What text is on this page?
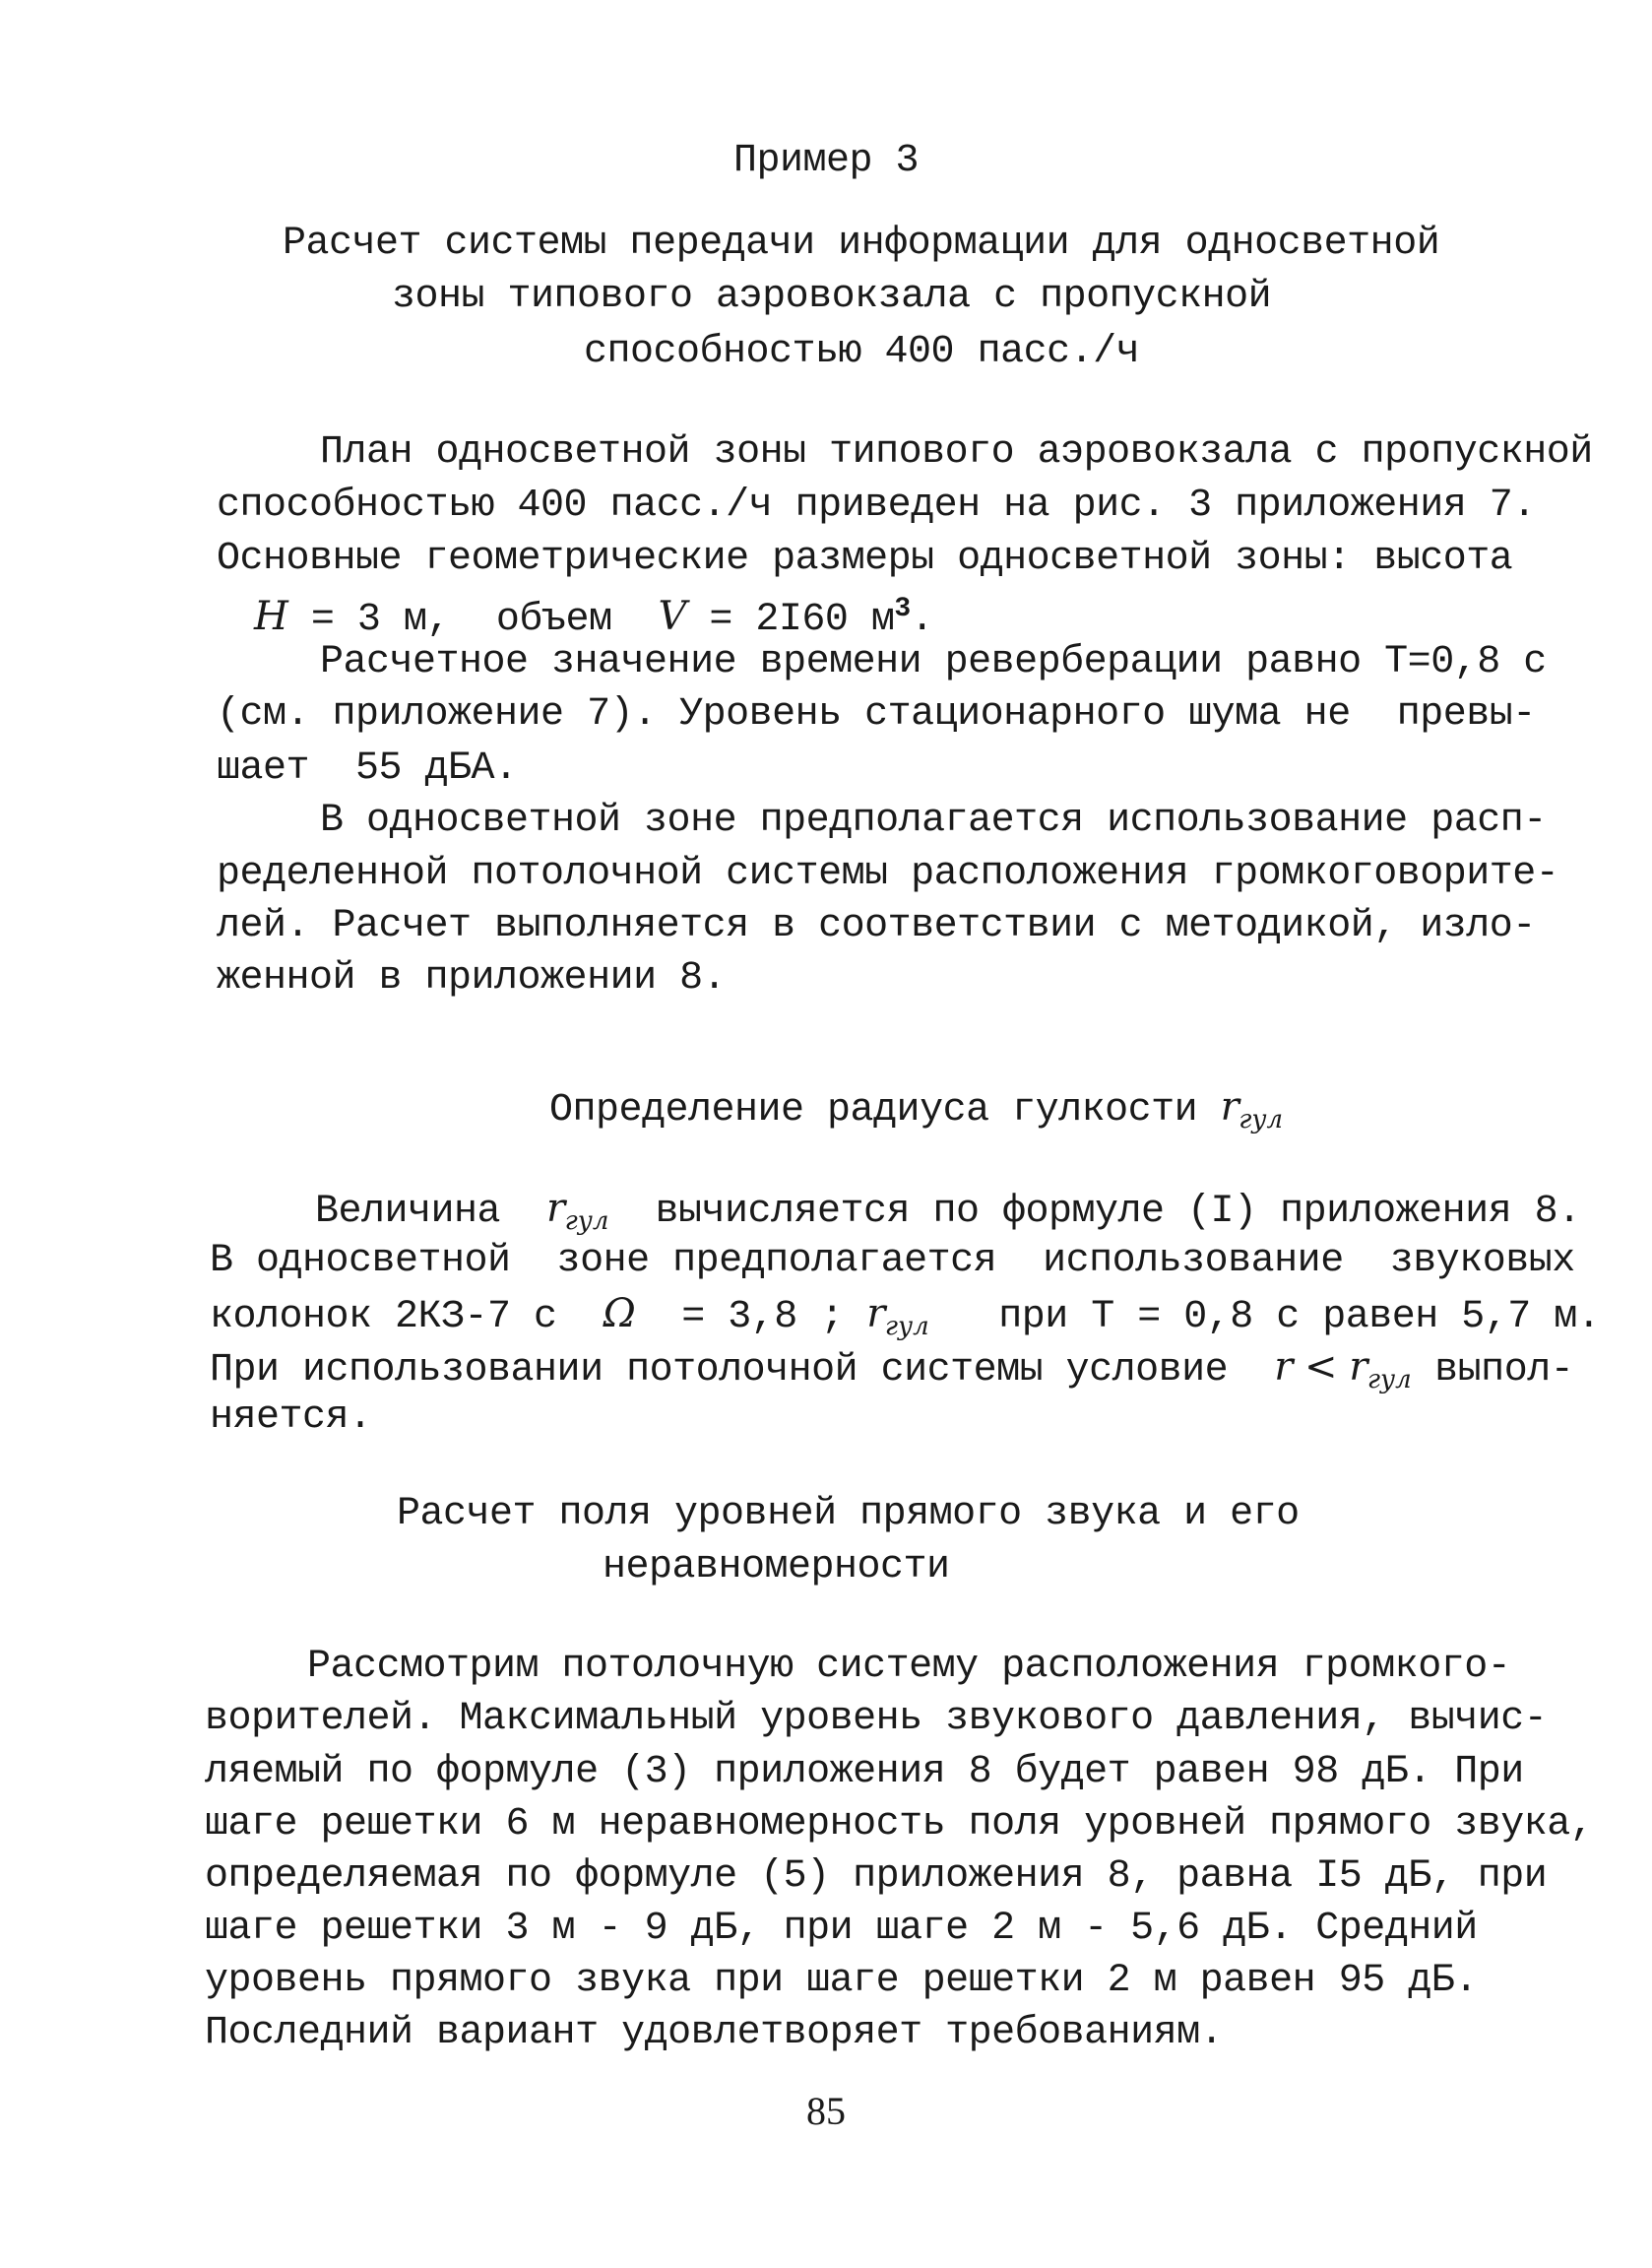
Пример 3
Расчет системы передачи информации для односветной
зоны типового аэровокзала с пропускной
способностью 400 пасс./ч
План односветной зоны типового аэровокзала с пропускной
способностью 400 пасс./ч приведен на рис. 3 приложения 7.
Основные геометрические размеры односветной зоны: высота
H = 3 м,  объем  V = 2I60 $м^3$.
Расчетное значение времени реверберации равно Т=0,8 с
(см. приложение 7). Уровень стационарного шума не  превы-
шает  55 дБА.
В односветной зоне предполагается использование расп-
ределенной потолочной системы расположения громкоговорите-
лей. Расчет выполняется в соответствии с методикой, изло-
женной в приложении 8.
Определение радиуса гулкости $r_{гул}$
Величина  $r_{гул}$  вычисляется по формуле (I) приложения 8.
В односветной  зоне предполагается  использование  звуковых
колонок 2КЗ-7 с  Ω  = 3,8 ; $r_{гул}$   при Т = 0,8 с равен 5,7 м.
При использовании потолочной системы условие  $r < r_{гул}$ выпол-
няется.
Расчет поля уровней прямого звука и его
неравномерности
Рассмотрим потолочную систему расположения громкого-
ворителей. Максимальный уровень звукового давления, вычис-
ляемый по формуле (3) приложения 8 будет равен 98 дБ. При
шаге решетки 6 м неравномерность поля уровней прямого звука,
определяемая по формуле (5) приложения 8, равна I5 дБ, при
шаге решетки 3 м - 9 дБ, при шаге 2 м - 5,6 дБ. Средний
уровень прямого звука при шаге решетки 2 м равен 95 дБ.
Последний вариант удовлетворяет требованиям.
85
